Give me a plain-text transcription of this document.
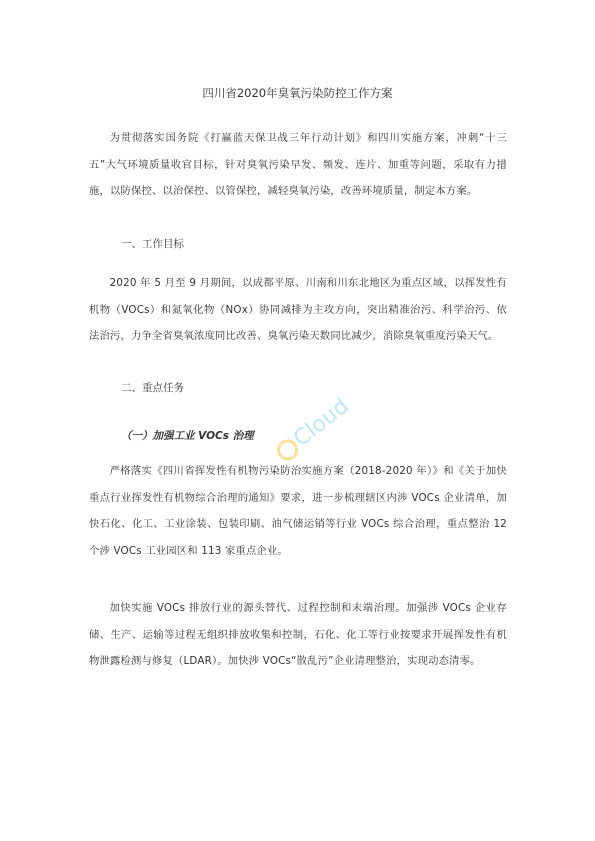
四川省2020年臭氧污染防控工作方案
为贯彻落实国务院《打赢蓝天保卫战三年行动计划》和四川实施方案，冲刺“十三五”大气环境质量收官目标，针对臭氧污染早发、频发、连片、加重等问题，采取有力措施，以防保控、以治保控、以管保控，减轻臭氧污染，改善环境质量，制定本方案。
一、工作目标
2020 年 5 月至 9 月期间，以成都平原、川南和川东北地区为重点区域，以挥发性有机物（VOCs）和氮氧化物（NOx）协同减排为主攻方向，突出精准治污、科学治污、依法治污，力争全省臭氧浓度同比改善、臭氧污染天数同比减少，消除臭氧重度污染天气。
二、重点任务
（一）加强工业 VOCs 治理
严格落实《四川省挥发性有机物污染防治实施方案（2018-2020 年）》和《关于加快重点行业挥发性有机物综合治理的通知》要求，进一步梳理辖区内涉 VOCs 企业清单，加快石化、化工、工业涂装、包装印刷、油气储运销等行业 VOCs 综合治理，重点整治 12 个涉 VOCs 工业园区和 113 家重点企业。
加快实施 VOCs 排放行业的源头替代、过程控制和末端治理。加强涉 VOCs 企业存储、生产、运输等过程无组织排放收集和控制，石化、化工等行业按要求开展挥发性有机物泄露检测与修复（LDAR）。加快涉 VOCs“散乱污”企业清理整治，实现动态清零。
Cloud
